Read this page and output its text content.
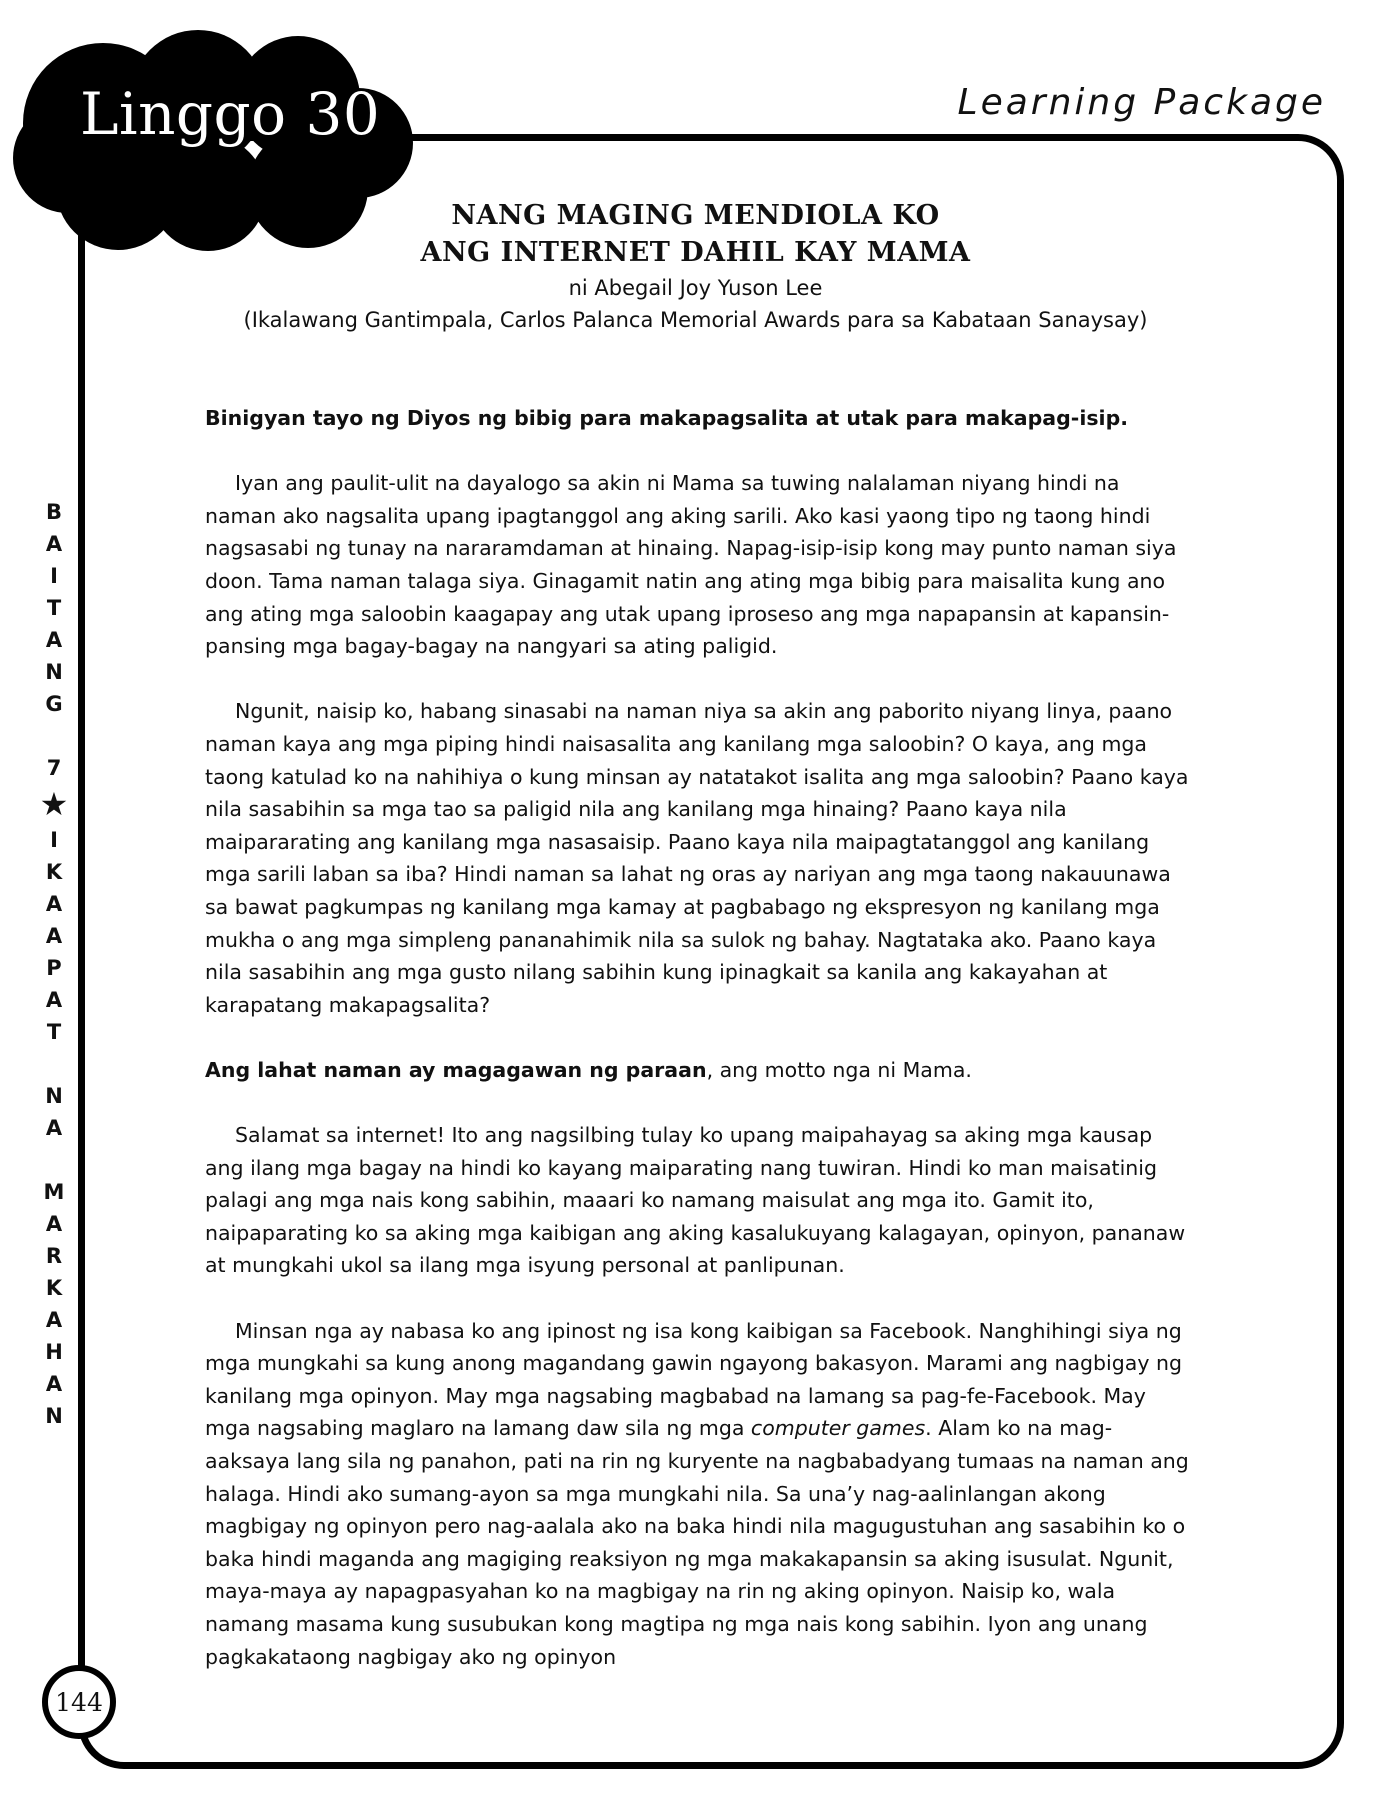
Linggo 30	Learning Package
NANG MAGING MENDIOLA KO
ANG INTERNET DAHIL KAY MAMA
ni Abegail Joy Yuson Lee
(Ikalawang Gantimpala, Carlos Palanca Memorial Awards para sa Kabataan Sanaysay)
B
A
I
T
A
N
G
7
★
I
K
A
A
P
A
T
N
A
M
A
R
K
A
H
A
N

Binigyan tayo ng Diyos ng bibig para makapagsalita at utak para makapag-isip.

Iyan ang paulit-ulit na dayalogo sa akin ni Mama sa tuwing nalalaman niyang hindi na naman ako nagsalita upang ipagtanggol ang aking sarili. Ako kasi yaong tipo ng taong hindi nagsasabi ng tunay na nararamdaman at hinaing. Napag-isip-isip kong may punto naman siya doon. Tama naman talaga siya. Ginagamit natin ang ating mga bibig para maisalita kung ano ang ating mga saloobin kaagapay ang utak upang iproseso ang mga napapansin at kapansin-pansing mga bagay-bagay na nangyari sa ating paligid.

Ngunit, naisip ko, habang sinasabi na naman niya sa akin ang paborito niyang linya, paano naman kaya ang mga piping hindi naisasalita ang kanilang mga saloobin? O kaya, ang mga taong katulad ko na nahihiya o kung minsan ay natatakot isalita ang mga saloobin? Paano kaya nila sasabihin sa mga tao sa paligid nila ang kanilang mga hinaing? Paano kaya nila maipararating ang kanilang mga nasasaisip. Paano kaya nila maipagtatanggol ang kanilang mga sarili laban sa iba? Hindi naman sa lahat ng oras ay nariyan ang mga taong nakauunawa sa bawat pagkumpas ng kanilang mga kamay at pagbabago ng ekspresyon ng kanilang mga mukha o ang mga simpleng pananahimik nila sa sulok ng bahay. Nagtataka ako. Paano kaya nila sasabihin ang mga gusto nilang sabihin kung ipinagkait sa kanila ang kakayahan at karapatang makapagsalita?

Ang lahat naman ay magagawan ng paraan, ang motto nga ni Mama.

Salamat sa internet! Ito ang nagsilbing tulay ko upang maipahayag sa aking mga kausap ang ilang mga bagay na hindi ko kayang maiparating nang tuwiran. Hindi ko man maisatinig palagi ang mga nais kong sabihin, maaari ko namang maisulat ang mga ito. Gamit ito, naipaparating ko sa aking mga kaibigan ang aking kasalukuyang kalagayan, opinyon, pananaw at mungkahi ukol sa ilang mga isyung personal at panlipunan.

Minsan nga ay nabasa ko ang ipinost ng isa kong kaibigan sa Facebook. Nanghihingi siya ng mga mungkahi sa kung anong magandang gawin ngayong bakasyon. Marami ang nagbigay ng kanilang mga opinyon. May mga nagsabing magbabad na lamang sa pag-fe-Facebook. May mga nagsabing maglaro na lamang daw sila ng mga computer games. Alam ko na mag-aaksaya lang sila ng panahon, pati na rin ng kuryente na nagbabadyang tumaas na naman ang halaga. Hindi ako sumang-ayon sa mga mungkahi nila. Sa una’y nag-aalinlangan akong magbigay ng opinyon pero nag-aalala ako na baka hindi nila magugustuhan ang sasabihin ko o baka hindi maganda ang magiging reaksiyon ng mga makakapansin sa aking isusulat. Ngunit, maya-maya ay napagpasyahan ko na magbigay na rin ng aking opinyon. Naisip ko, wala namang masama kung susubukan kong magtipa ng mga nais kong sabihin. Iyon ang unang pagkakataong nagbigay ako ng opinyon

144
